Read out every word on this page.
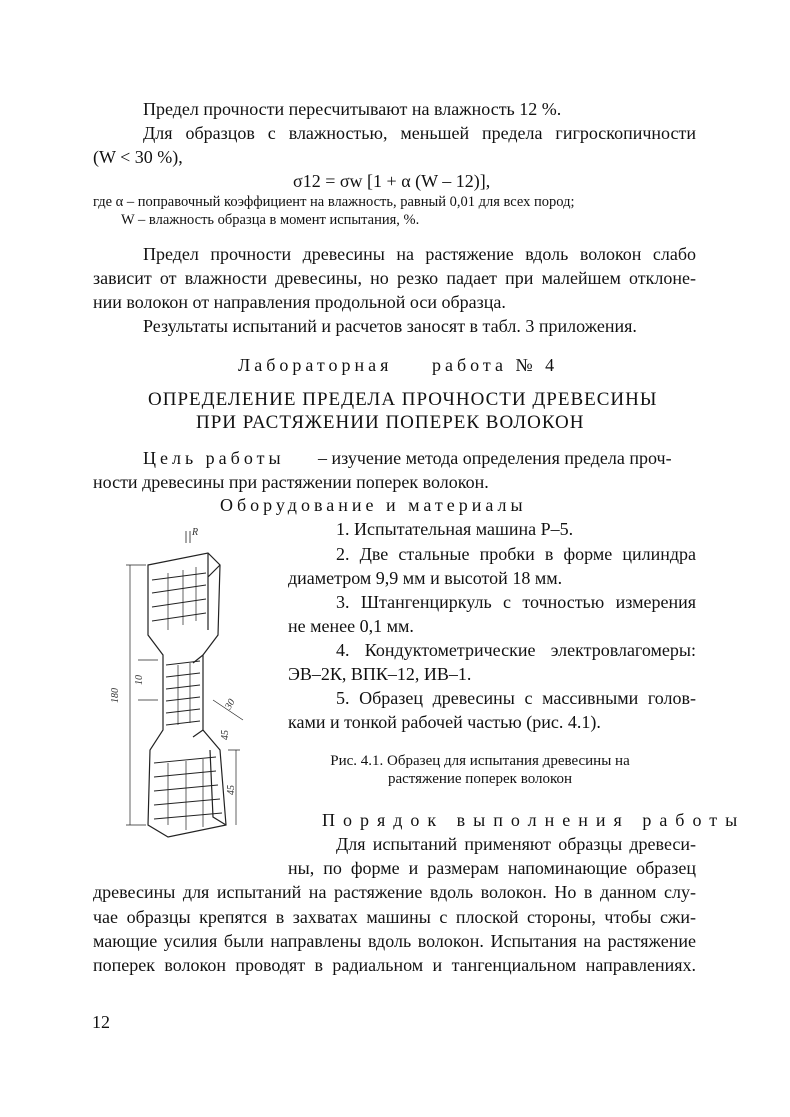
Предел прочности пересчитывают на влажность 12 %.
Для образцов с влажностью, меньшей предела гигроскопичности
(W < 30 %),
σ12 = σw [1 + α (W – 12)],
где α – поправочный коэффициент на влажность, равный 0,01 для всех пород;
W – влажность образца в момент испытания, %.
Предел прочности древесины на растяжение вдоль волокон слабо
зависит от влажности древесины, но резко падает при малейшем отклоне-
нии волокон от направления продольной оси образца.
Результаты испытаний и расчетов заносят в табл. 3 приложения.
Лабораторная работа № 4
ОПРЕДЕЛЕНИЕ ПРЕДЕЛА ПРОЧНОСТИ ДРЕВЕСИНЫ
ПРИ РАСТЯЖЕНИИ ПОПЕРЕК ВОЛОКОН
Цель работы – изучение метода определения предела проч-
ности древесины при растяжении поперек волокон.
Оборудование и материалы
1. Испытательная машина Р–5.
2. Две стальные пробки в форме цилиндра
диаметром 9,9 мм и высотой 18 мм.
3. Штангенциркуль с точностью измерения
не менее 0,1 мм.
4. Кондуктометрические электровлагомеры:
ЭВ–2К, ВПК–12, ИВ–1.
5. Образец древесины с массивными голов-
ками и тонкой рабочей частью (рис. 4.1).
Рис. 4.1. Образец для испытания древесины на
растяжение поперек волокон
180
10
30
45
45
R
Порядок выполнения работы
Для испытаний применяют образцы древеси-
ны, по форме и размерам напоминающие образец
древесины для испытаний на растяжение вдоль волокон. Но в данном слу-
чае образцы крепятся в захватах машины с плоской стороны, чтобы сжи-
мающие усилия были направлены вдоль волокон. Испытания на растяжение
поперек волокон проводят в радиальном и тангенциальном направлениях.
12
